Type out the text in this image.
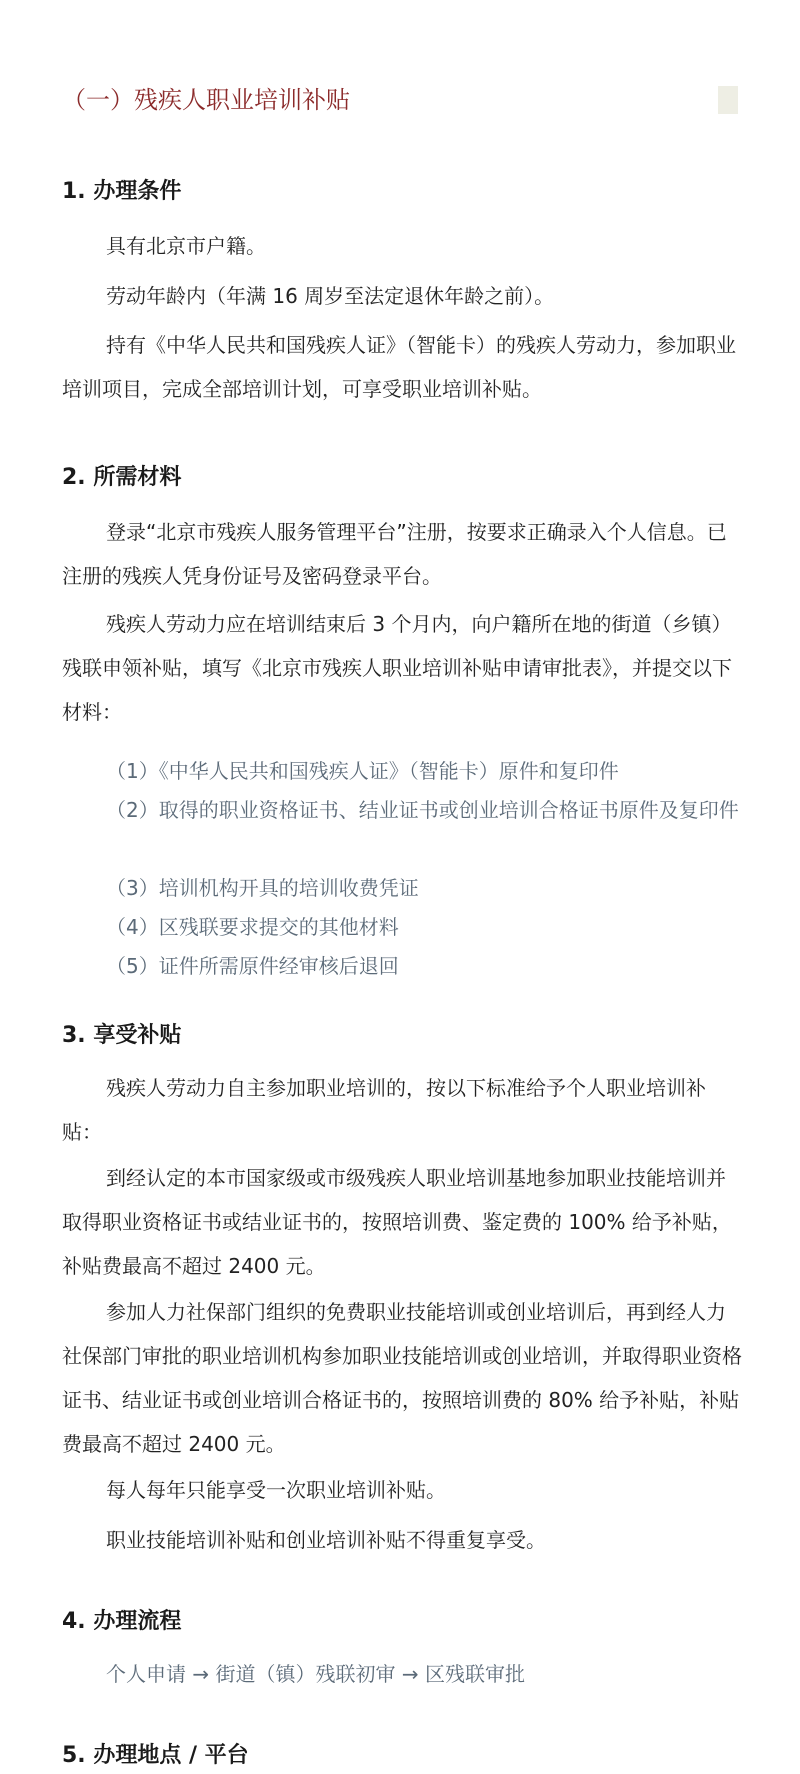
（一）残疾人职业培训补贴
1. 办理条件

具有北京市户籍。

劳动年龄内（年满 16 周岁至法定退休年龄之前）。

持有《中华人民共和国残疾人证》（智能卡）的残疾人劳动力，参加职业培训项目，完成全部培训计划，可享受职业培训补贴。

2. 所需材料

登录“北京市残疾人服务管理平台”注册，按要求正确录入个人信息。已注册的残疾人凭身份证号及密码登录平台。

残疾人劳动力应在培训结束后 3 个月内，向户籍所在地的街道（乡镇）残联申领补贴，填写《北京市残疾人职业培训补贴申请审批表》，并提交以下材料：

（1）《中华人民共和国残疾人证》（智能卡）原件和复印件

（2）取得的职业资格证书、结业证书或创业培训合格证书原件及复印件

（3）培训机构开具的培训收费凭证

（4）区残联要求提交的其他材料

（5）证件所需原件经审核后退回

3. 享受补贴

残疾人劳动力自主参加职业培训的，按以下标准给予个人职业培训补贴：

到经认定的本市国家级或市级残疾人职业培训基地参加职业技能培训并取得职业资格证书或结业证书的，按照培训费、鉴定费的 100% 给予补贴，补贴费最高不超过 2400 元。

参加人力社保部门组织的免费职业技能培训或创业培训后，再到经人力社保部门审批的职业培训机构参加职业技能培训或创业培训，并取得职业资格证书、结业证书或创业培训合格证书的，按照培训费的 80% 给予补贴，补贴费最高不超过 2400 元。

每人每年只能享受一次职业培训补贴。

职业技能培训补贴和创业培训补贴不得重复享受。

4. 办理流程

个人申请 → 街道（镇）残联初审 → 区残联审批

5. 办理地点 / 平台
